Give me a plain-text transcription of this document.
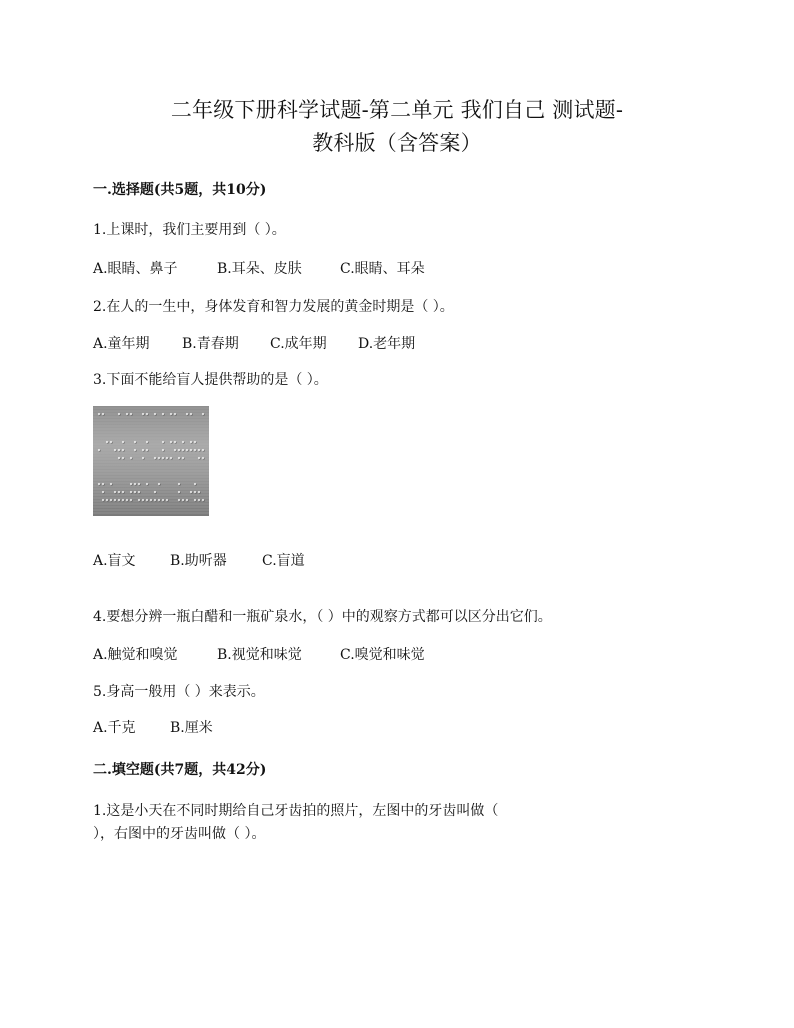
二年级下册科学试题-第二单元 我们自己 测试题-
教科版（含答案）
一.选择题(共5题，共10分)
1.上课时，我们主要用到（ ）。
A.眼睛、鼻子	B.耳朵、皮肤	C.眼睛、耳朵
2.在人的一生中，身体发育和智力发展的黄金时期是（ ）。
A.童年期	B.青春期	C.成年期	D.老年期
3.下面不能给盲人提供帮助的是（ ）。
A.盲文	B.助听器	C.盲道
4.要想分辨一瓶白醋和一瓶矿泉水，（ ）中的观察方式都可以区分出它们。
A.触觉和嗅觉	B.视觉和味觉	C.嗅觉和味觉
5.身高一般用（ ）来表示。
A.千克	B.厘米
二.填空题(共7题，共42分)
1.这是小天在不同时期给自己牙齿拍的照片，左图中的牙齿叫做（
），右图中的牙齿叫做（ ）。
